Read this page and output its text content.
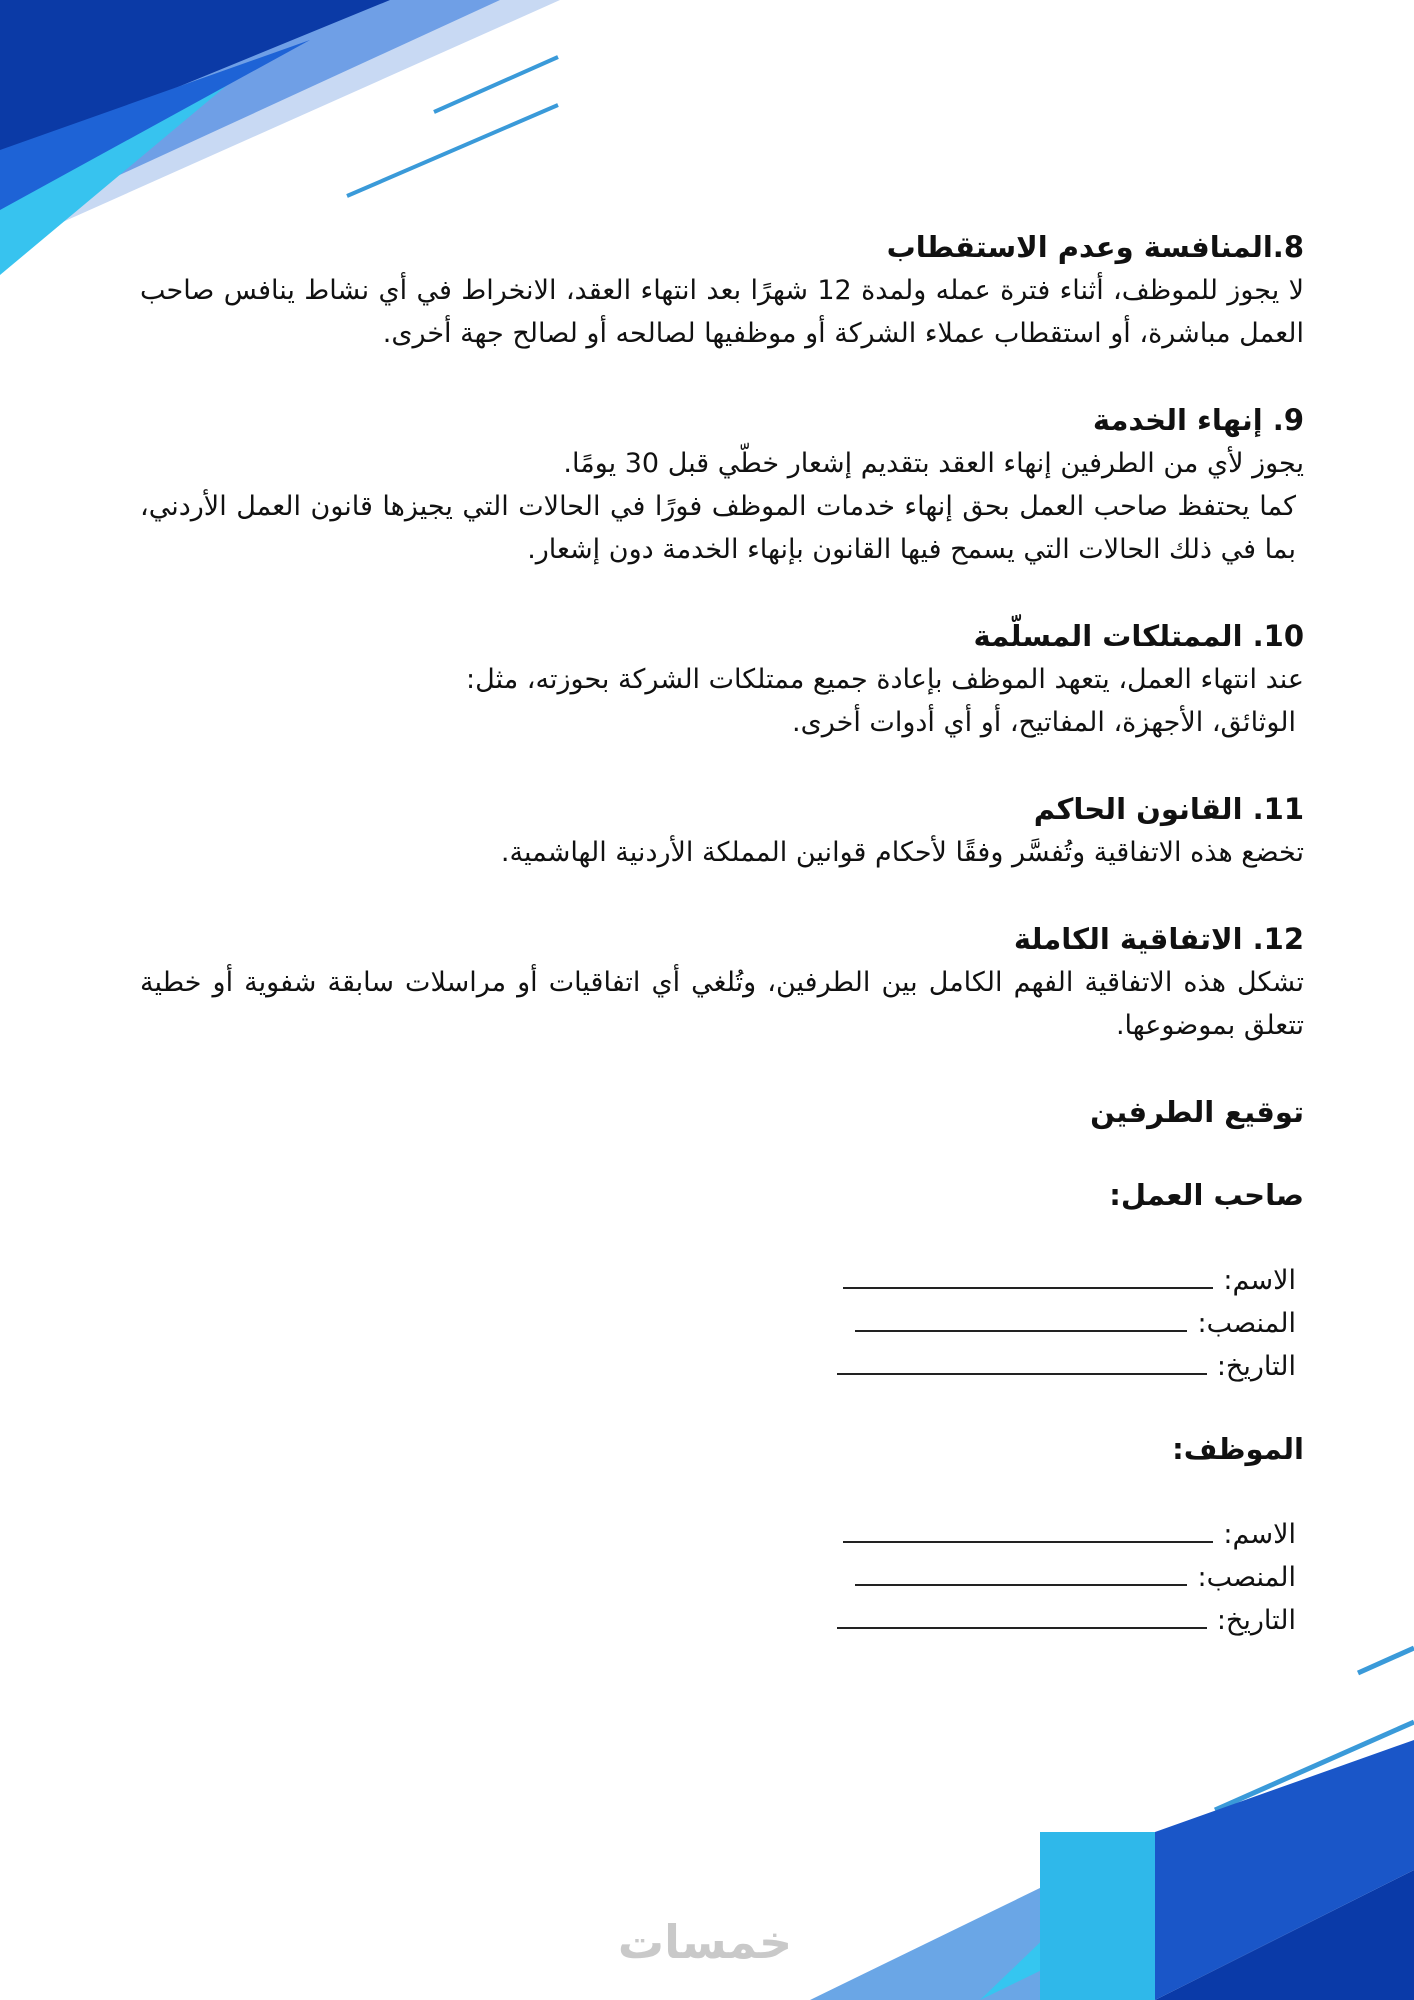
8.المنافسة وعدم الاستقطاب

لا يجوز للموظف، أثناء فترة عمله ولمدة 12 شهرًا بعد انتهاء العقد، الانخراط في أي نشاط ينافس صاحب العمل مباشرة، أو استقطاب عملاء الشركة أو موظفيها لصالحه أو لصالح جهة أخرى.

9. إنهاء الخدمة

يجوز لأي من الطرفين إنهاء العقد بتقديم إشعار خطّي قبل 30 يومًا.

كما يحتفظ صاحب العمل بحق إنهاء خدمات الموظف فورًا في الحالات التي يجيزها قانون العمل الأردني، بما في ذلك الحالات التي يسمح فيها القانون بإنهاء الخدمة دون إشعار.

10. الممتلكات المسلّمة

عند انتهاء العمل، يتعهد الموظف بإعادة جميع ممتلكات الشركة بحوزته، مثل:

الوثائق، الأجهزة، المفاتيح، أو أي أدوات أخرى.

11. القانون الحاكم

تخضع هذه الاتفاقية وتُفسَّر وفقًا لأحكام قوانين المملكة الأردنية الهاشمية.

12. الاتفاقية الكاملة

تشكل هذه الاتفاقية الفهم الكامل بين الطرفين، وتُلغي أي اتفاقيات أو مراسلات سابقة شفوية أو خطية تتعلق بموضوعها.

توقيع الطرفين

صاحب العمل:

الاسم:
المنصب:
التاريخ:

الموظف:

الاسم:
المنصب:
التاريخ:
خمسات
